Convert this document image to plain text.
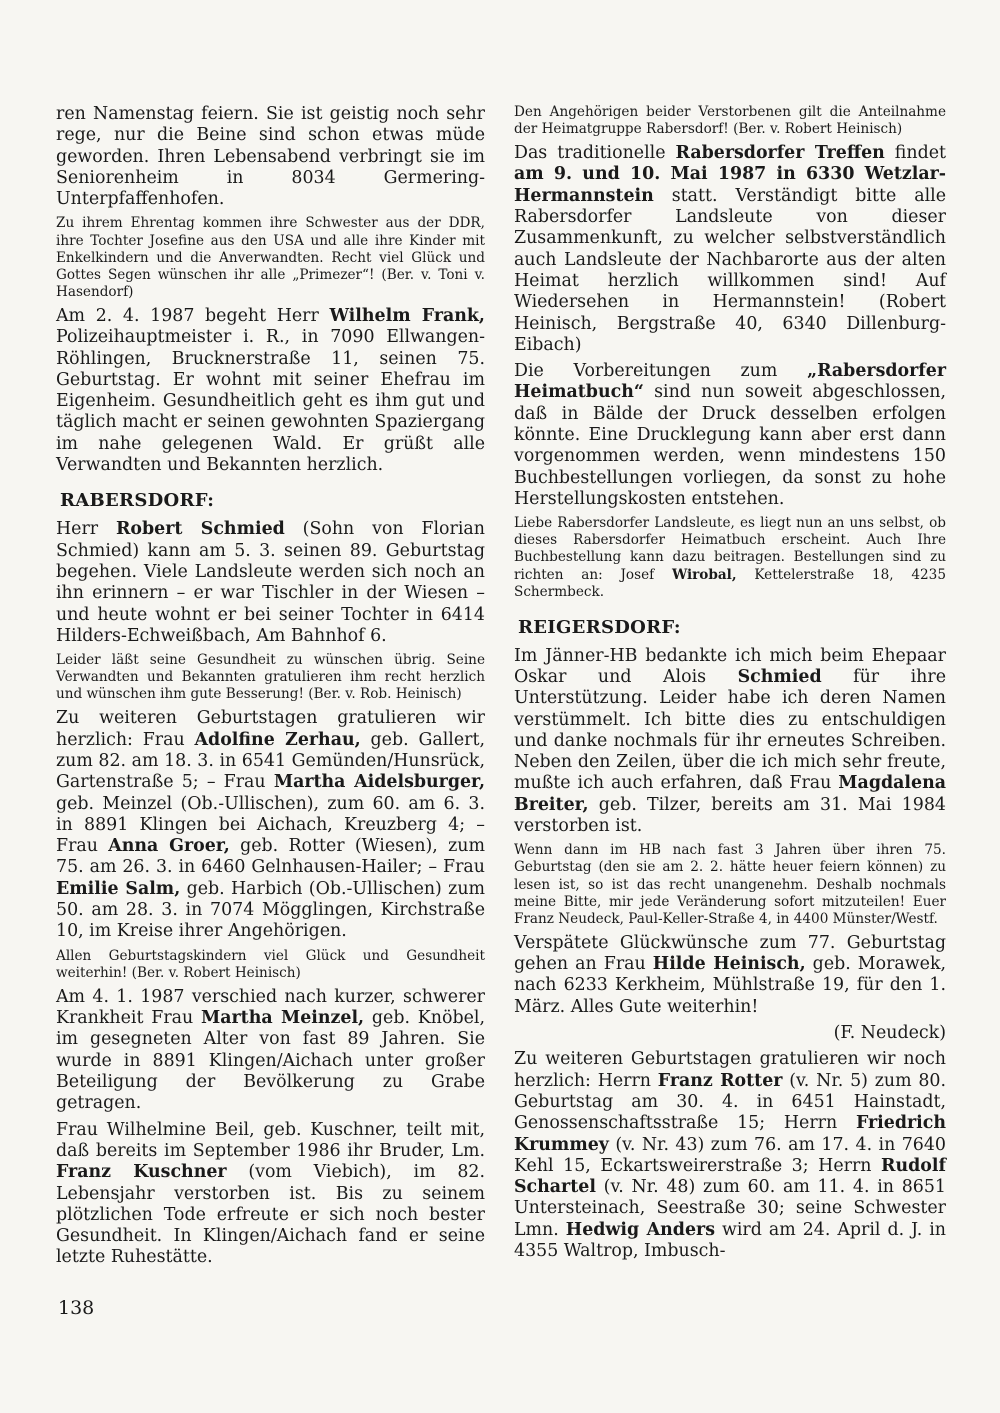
ren Namenstag feiern. Sie ist geistig noch sehr rege, nur die Beine sind schon etwas müde geworden. Ihren Lebensabend verbringt sie im Seniorenheim in 8034 Germering-Unterpfaffenhofen.

Zu ihrem Ehrentag kommen ihre Schwester aus der DDR, ihre Tochter Josefine aus den USA und alle ihre Kinder mit Enkelkindern und die Anverwandten. Recht viel Glück und Gottes Segen wünschen ihr alle „Primezer“! (Ber. v. Toni v. Hasendorf)

Am 2. 4. 1987 begeht Herr Wilhelm Frank, Polizeihauptmeister i. R., in 7090 Ellwangen-Röhlingen, Brucknerstraße 11, seinen 75. Geburtstag. Er wohnt mit seiner Ehefrau im Eigenheim. Gesundheitlich geht es ihm gut und täglich macht er seinen gewohnten Spaziergang im nahe gelegenen Wald. Er grüßt alle Verwandten und Bekannten herzlich.

RABERSDORF:

Herr Robert Schmied (Sohn von Florian Schmied) kann am 5. 3. seinen 89. Geburtstag begehen. Viele Landsleute werden sich noch an ihn erinnern – er war Tischler in der Wiesen – und heute wohnt er bei seiner Tochter in 6414 Hilders-Echweißbach, Am Bahnhof 6.

Leider läßt seine Gesundheit zu wünschen übrig. Seine Verwandten und Bekannten gratulieren ihm recht herzlich und wünschen ihm gute Besserung! (Ber. v. Rob. Heinisch)

Zu weiteren Geburtstagen gratulieren wir herzlich: Frau Adolfine Zerhau, geb. Gallert, zum 82. am 18. 3. in 6541 Gemünden/Hunsrück, Gartenstraße 5; – Frau Martha Aidelsburger, geb. Meinzel (Ob.-Ullischen), zum 60. am 6. 3. in 8891 Klingen bei Aichach, Kreuzberg 4; – Frau Anna Groer, geb. Rotter (Wiesen), zum 75. am 26. 3. in 6460 Gelnhausen-Hailer; – Frau Emilie Salm, geb. Harbich (Ob.-Ullischen) zum 50. am 28. 3. in 7074 Mögglingen, Kirchstraße 10, im Kreise ihrer Angehörigen.

Allen Geburtstagskindern viel Glück und Gesundheit weiterhin! (Ber. v. Robert Heinisch)

Am 4. 1. 1987 verschied nach kurzer, schwerer Krankheit Frau Martha Meinzel, geb. Knöbel, im gesegneten Alter von fast 89 Jahren. Sie wurde in 8891 Klingen/Aichach unter großer Beteiligung der Bevölkerung zu Grabe getragen.

Frau Wilhelmine Beil, geb. Kuschner, teilt mit, daß bereits im September 1986 ihr Bruder, Lm. Franz Kuschner (vom Viebich), im 82. Lebensjahr verstorben ist. Bis zu seinem plötzlichen Tode erfreute er sich noch bester Gesundheit. In Klingen/Aichach fand er seine letzte Ruhestätte.

Den Angehörigen beider Verstorbenen gilt die Anteilnahme der Heimatgruppe Rabersdorf! (Ber. v. Robert Heinisch)

Das traditionelle Rabersdorfer Treffen findet am 9. und 10. Mai 1987 in 6330 Wetzlar-Hermannstein statt. Verständigt bitte alle Rabersdorfer Landsleute von dieser Zusammenkunft, zu welcher selbstverständlich auch Landsleute der Nachbarorte aus der alten Heimat herzlich willkommen sind! Auf Wiedersehen in Hermannstein! (Robert Heinisch, Bergstraße 40, 6340 Dillenburg-Eibach)

Die Vorbereitungen zum „Rabersdorfer Heimatbuch“ sind nun soweit abgeschlossen, daß in Bälde der Druck desselben erfolgen könnte. Eine Drucklegung kann aber erst dann vorgenommen werden, wenn mindestens 150 Buchbestellungen vorliegen, da sonst zu hohe Herstellungskosten entstehen.

Liebe Rabersdorfer Landsleute, es liegt nun an uns selbst, ob dieses Rabersdorfer Heimatbuch erscheint. Auch Ihre Buchbestellung kann dazu beitragen. Bestellungen sind zu richten an: Josef Wirobal, Kettelerstraße 18, 4235 Schermbeck.

REIGERSDORF:

Im Jänner-HB bedankte ich mich beim Ehepaar Oskar und Alois Schmied für ihre Unterstützung. Leider habe ich deren Namen verstümmelt. Ich bitte dies zu entschuldigen und danke nochmals für ihr erneutes Schreiben. Neben den Zeilen, über die ich mich sehr freute, mußte ich auch erfahren, daß Frau Magdalena Breiter, geb. Tilzer, bereits am 31. Mai 1984 verstorben ist.

Wenn dann im HB nach fast 3 Jahren über ihren 75. Geburtstag (den sie am 2. 2. hätte heuer feiern können) zu lesen ist, so ist das recht unangenehm. Deshalb nochmals meine Bitte, mir jede Veränderung sofort mitzuteilen! Euer Franz Neudeck, Paul-Keller-Straße 4, in 4400 Münster/Westf.

Verspätete Glückwünsche zum 77. Geburtstag gehen an Frau Hilde Heinisch, geb. Morawek, nach 6233 Kerkheim, Mühlstraße 19, für den 1. März. Alles Gute weiterhin!

(F. Neudeck)

Zu weiteren Geburtstagen gratulieren wir noch herzlich: Herrn Franz Rotter (v. Nr. 5) zum 80. Geburtstag am 30. 4. in 6451 Hainstadt, Genossenschaftsstraße 15; Herrn Friedrich Krummey (v. Nr. 43) zum 76. am 17. 4. in 7640 Kehl 15, Eckartsweirerstraße 3; Herrn Rudolf Schartel (v. Nr. 48) zum 60. am 11. 4. in 8651 Untersteinach, Seestraße 30; seine Schwester Lmn. Hedwig Anders wird am 24. April d. J. in 4355 Waltrop, Imbusch-

138
